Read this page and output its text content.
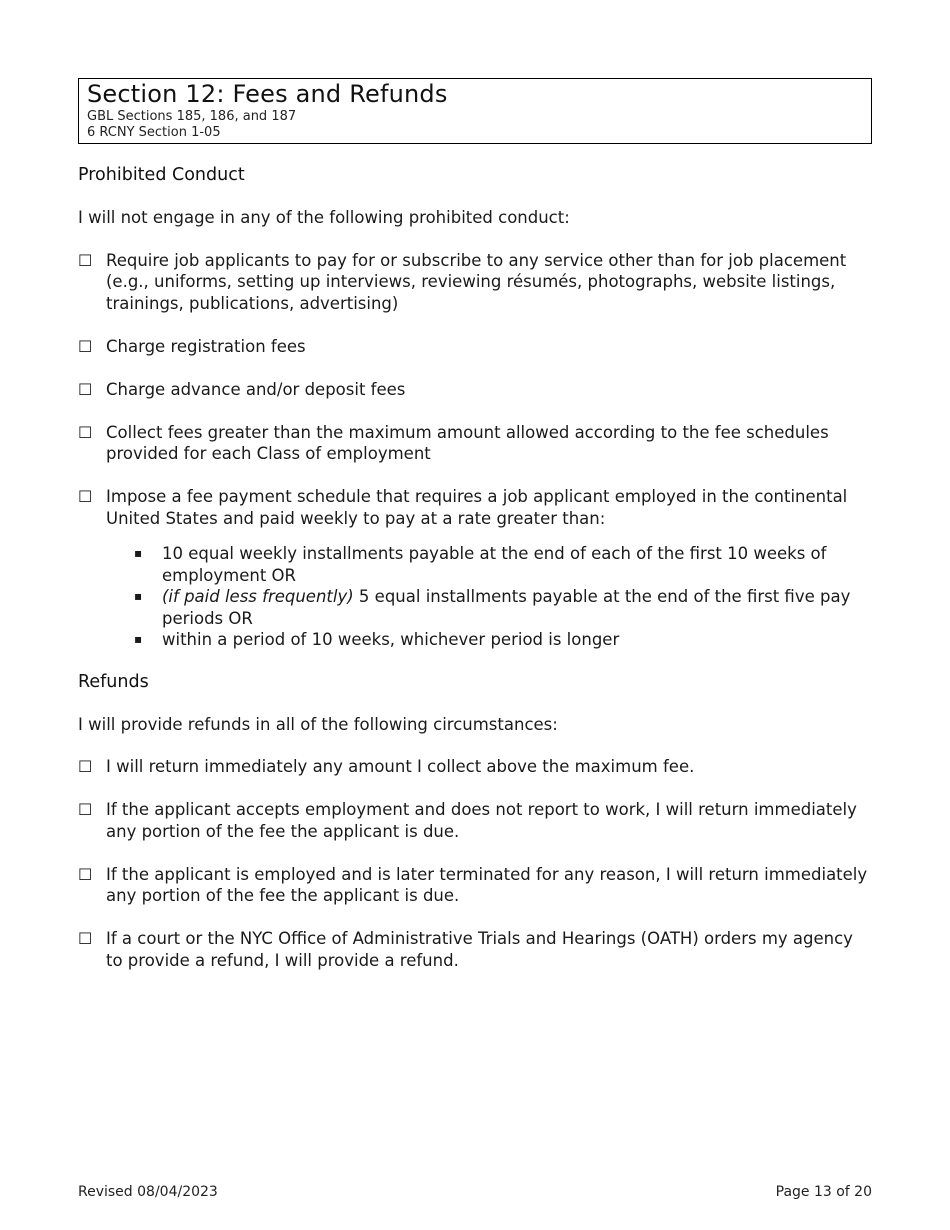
Section 12: Fees and Refunds
GBL Sections 185, 186, and 187
6 RCNY Section 1-05
Prohibited Conduct
I will not engage in any of the following prohibited conduct:
☐ Require job applicants to pay for or subscribe to any service other than for job placement (e.g., uniforms, setting up interviews, reviewing résumés, photographs, website listings, trainings, publications, advertising)
☐ Charge registration fees
☐ Charge advance and/or deposit fees
☐ Collect fees greater than the maximum amount allowed according to the fee schedules provided for each Class of employment
☐ Impose a fee payment schedule that requires a job applicant employed in the continental United States and paid weekly to pay at a rate greater than:
▪	10 equal weekly installments payable at the end of each of the first 10 weeks of employment OR
▪	(if paid less frequently) 5 equal installments payable at the end of the first five pay periods OR
▪	within a period of 10 weeks, whichever period is longer
Refunds
I will provide refunds in all of the following circumstances:
☐ I will return immediately any amount I collect above the maximum fee.
☐ If the applicant accepts employment and does not report to work, I will return immediately any portion of the fee the applicant is due.
☐ If the applicant is employed and is later terminated for any reason, I will return immediately any portion of the fee the applicant is due.
☐ If a court or the NYC Office of Administrative Trials and Hearings (OATH) orders my agency to provide a refund, I will provide a refund.
Revised 08/04/2023	Page 13 of 20
